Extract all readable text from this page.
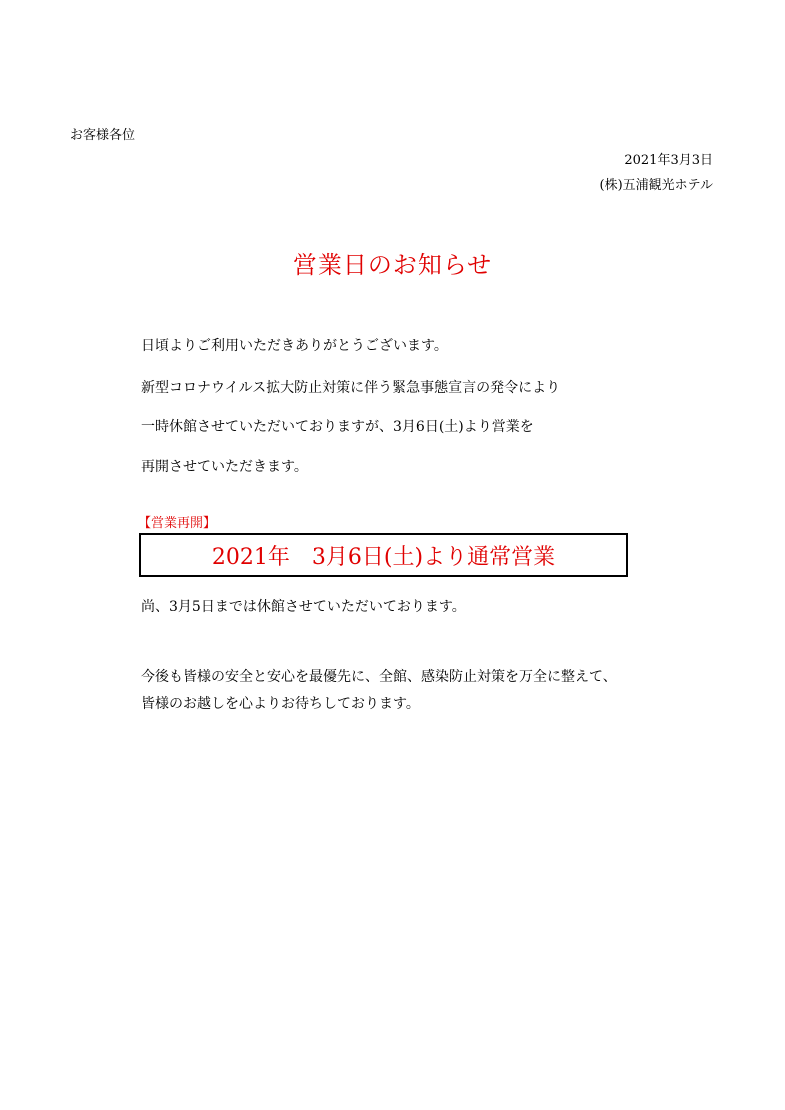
お客様各位
2021年3月3日
(株)五浦観光ホテル
営業日のお知らせ
日頃よりご利用いただきありがとうございます。
新型コロナウイルス拡大防止対策に伴う緊急事態宣言の発令により
一時休館させていただいておりますが、3月6日(土)より営業を
再開させていただきます。
【営業再開】
2021年　3月6日(土)より通常営業
尚、3月5日までは休館させていただいております。
今後も皆様の安全と安心を最優先に、全館、感染防止対策を万全に整えて、
皆様のお越しを心よりお待ちしております。
